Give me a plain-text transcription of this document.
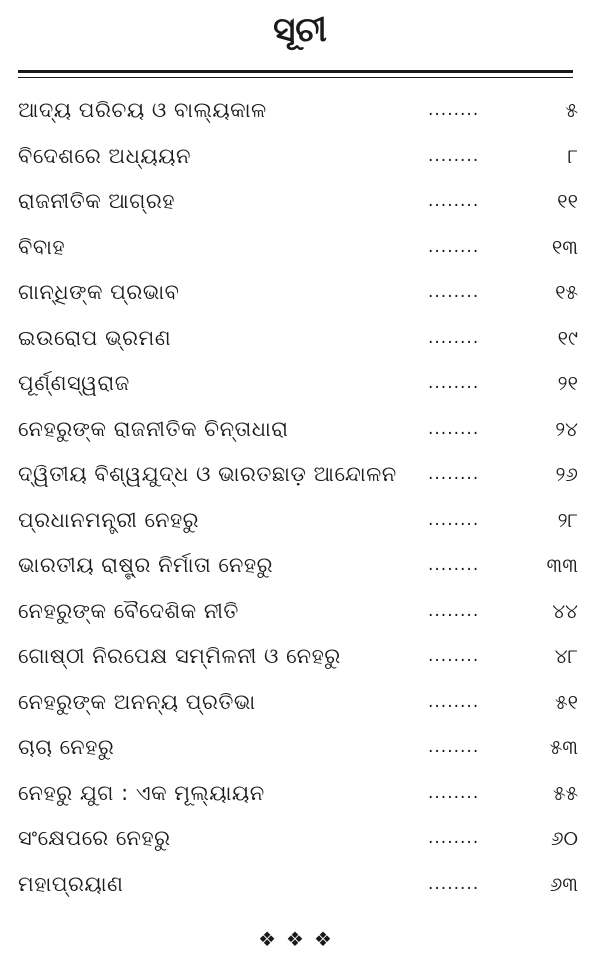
ସୂଚୀ
ଆଦ୍ୟ ପରିଚୟ ଓ ବାଲ୍ୟକାଳ	........	୫
ବିଦେଶରେ ଅଧ୍ୟୟନ	........	୮
ରାଜନୀତିକ ଆଗ୍ରହ	........	୧୧
ବିବାହ	........	୧୩
ଗାନ୍ଧିଙ୍କ ପ୍ରଭାବ	........	୧୫
ଇଉରୋପ ଭ୍ରମଣ	........	୧୯
ପୂର୍ଣ୍ଣସ୍ୱରାଜ	........	୨୧
ନେହରୁଙ୍କ ରାଜନୀତିକ ଚିନ୍ତାଧାରା	........	୨୪
ଦ୍ୱିତୀୟ ବିଶ୍ୱଯୁଦ୍ଧ ଓ ଭାରତଛାଡ଼ ଆନ୍ଦୋଳନ ........	୨୬
ପ୍ରଧାନମନ୍ତ୍ରୀ ନେହରୁ	........	୨୮
ଭାରତୀୟ ରାଷ୍ଟ୍ର ନିର୍ମାତା ନେହରୁ	........	୩୩
ନେହରୁଙ୍କ ବୈଦେଶିକ ନୀତି	........	୪୪
ଗୋଷ୍ଠୀ ନିରପେକ୍ଷ ସମ୍ମିଳନୀ ଓ ନେହରୁ	........	୪୮
ନେହରୁଙ୍କ ଅନନ୍ୟ ପ୍ରତିଭା	........	୫୧
ଚାଚା ନେହରୁ	........	୫୩
ନେହରୁ ଯୁଗ : ଏକ ମୂଲ୍ୟାୟନ	........	୫୫
ସଂକ୍ଷେପରେ ନେହରୁ	........	୬୦
ମହାପ୍ରୟାଣ	........	୬୩
❖❖❖
